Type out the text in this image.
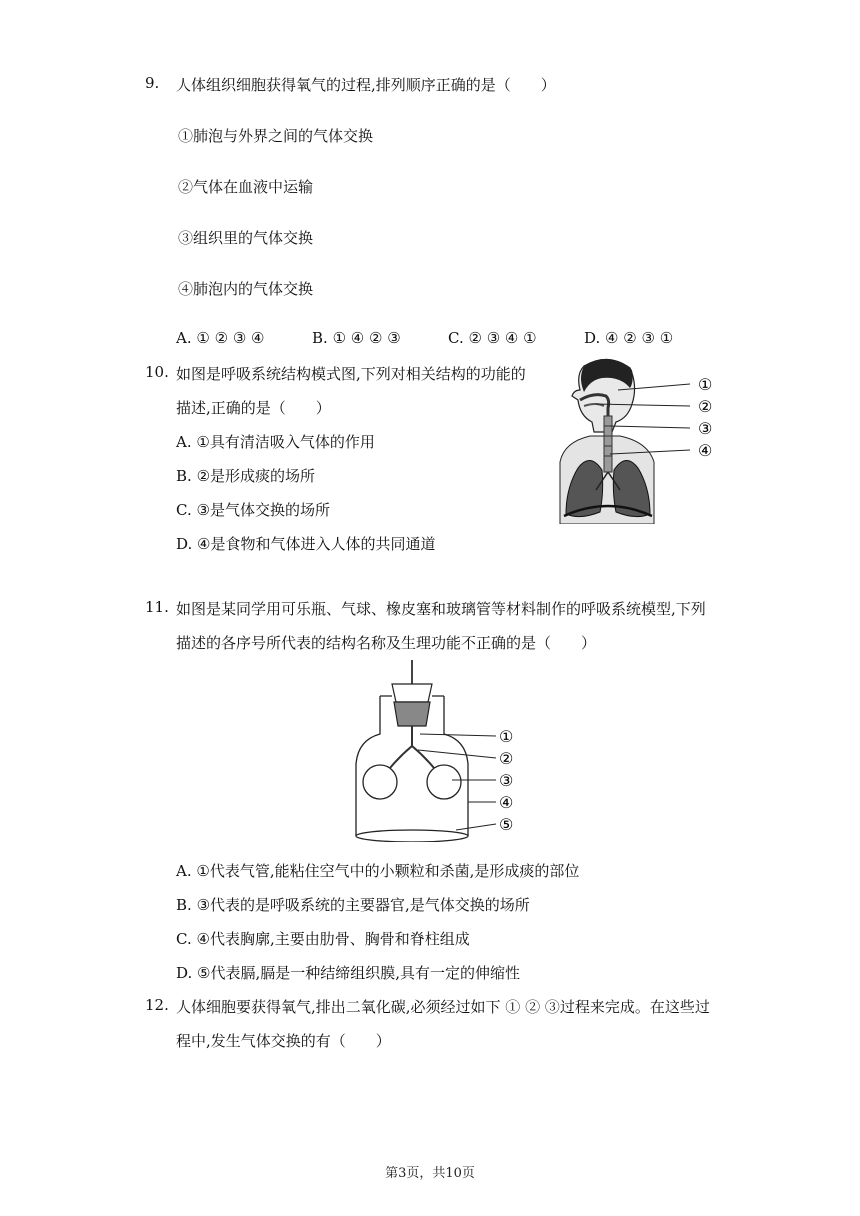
9. 人体组织细胞获得氧气的过程,排列顺序正确的是（　　）
①肺泡与外界之间的气体交换
②气体在血液中运输
③组织里的气体交换
④肺泡内的气体交换
A. ① ② ③ ④	B. ① ④ ② ③	C. ② ③ ④ ①	D. ④ ② ③ ①
10. 如图是呼吸系统结构模式图,下列对相关结构的功能的
描述,正确的是（　　）
A. ①具有清洁吸入气体的作用
B. ②是形成痰的场所
C. ③是气体交换的场所
D. ④是食物和气体进入人体的共同通道
①
②
③
④
11. 如图是某同学用可乐瓶、气球、橡皮塞和玻璃管等材料制作的呼吸系统模型,下列
描述的各序号所代表的结构名称及生理功能不正确的是（　　）
①
②
③
④
⑤
A. ①代表气管,能粘住空气中的小颗粒和杀菌,是形成痰的部位
B. ③代表的是呼吸系统的主要器官,是气体交换的场所
C. ④代表胸廓,主要由肋骨、胸骨和脊柱组成
D. ⑤代表膈,膈是一种结缔组织膜,具有一定的伸缩性
12. 人体细胞要获得氧气,排出二氧化碳,必须经过如下 ① ② ③过程来完成。在这些过
程中,发生气体交换的有（　　）
第3页，共10页
